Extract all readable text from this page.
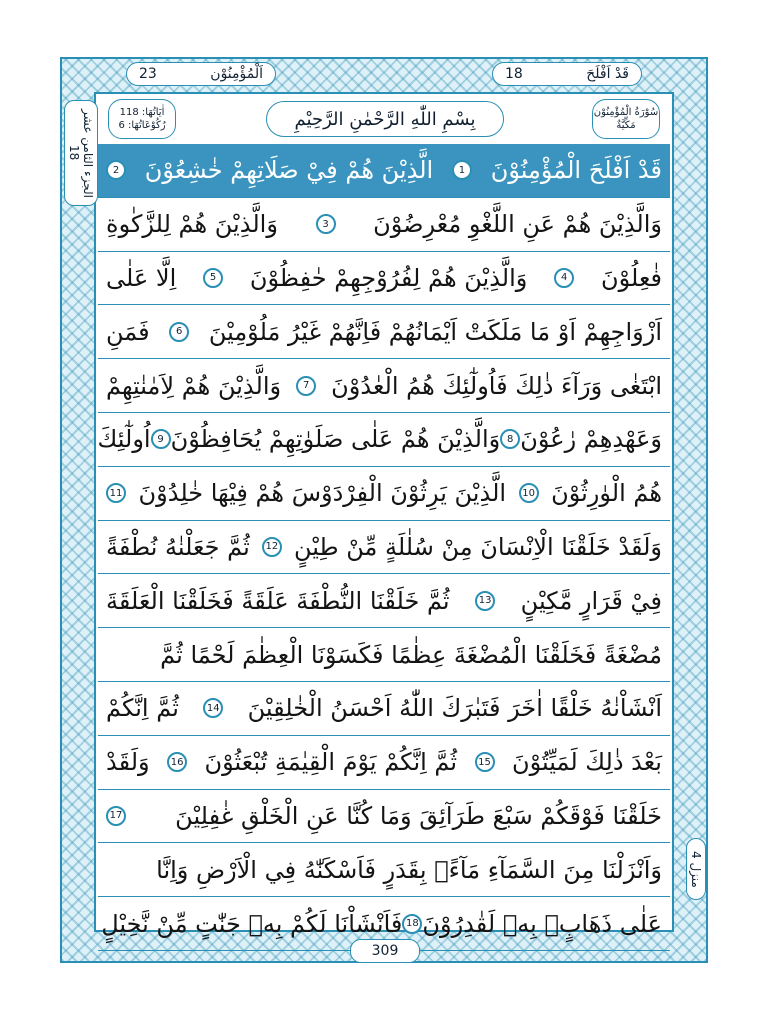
قَدْ اَفْلَحَ
18
اَلْمُؤْمِنُوْن
23
الجزء الثامن عشر 18
منزل 4
سُوْرَةُ الْمُؤْمِنُوْن
مَكِّيَّةٌ
بِسْمِ اللّٰهِ الرَّحْمٰنِ الرَّحِيْمِ
اٰيَاتُهَا: 118
رُكُوْعَاتُهَا: 6
قَدْ اَفْلَحَ الْمُؤْمِنُوْنَ
1
الَّذِيْنَ هُمْ فِيْ صَلَاتِهِمْ خٰشِعُوْنَ
2
وَالَّذِيْنَ هُمْ عَنِ اللَّغْوِ مُعْرِضُوْنَ
3
وَالَّذِيْنَ هُمْ لِلزَّكٰوةِ
فٰعِلُوْنَ
4
وَالَّذِيْنَ هُمْ لِفُرُوْجِهِمْ حٰفِظُوْنَ
5
اِلَّا عَلٰى
اَزْوَاجِهِمْ اَوْ مَا مَلَكَتْ اَيْمَانُهُمْ فَاِنَّهُمْ غَيْرُ مَلُوْمِيْنَ
6
فَمَنِ
ابْتَغٰى وَرَآءَ ذٰلِكَ فَاُولٰٓئِكَ هُمُ الْعٰدُوْنَ
7
وَالَّذِيْنَ هُمْ لِاَمٰنٰتِهِمْ
وَعَهْدِهِمْ رٰعُوْنَ
8
وَالَّذِيْنَ هُمْ عَلٰى صَلَوٰتِهِمْ يُحَافِظُوْنَ
9
اُولٰٓئِكَ
هُمُ الْوٰرِثُوْنَ
10
الَّذِيْنَ يَرِثُوْنَ الْفِرْدَوْسَ هُمْ فِيْهَا خٰلِدُوْنَ
11
وَلَقَدْ خَلَقْنَا الْاِنْسَانَ مِنْ سُلٰلَةٍ مِّنْ طِيْنٍ
12
ثُمَّ جَعَلْنٰهُ نُطْفَةً
فِيْ قَرَارٍ مَّكِيْنٍ
13
ثُمَّ خَلَقْنَا النُّطْفَةَ عَلَقَةً فَخَلَقْنَا الْعَلَقَةَ
مُضْغَةً فَخَلَقْنَا الْمُضْغَةَ عِظٰمًا فَكَسَوْنَا الْعِظٰمَ لَحْمًا ثُمَّ
اَنْشَاْنٰهُ خَلْقًا اٰخَرَ فَتَبٰرَكَ اللّٰهُ اَحْسَنُ الْخٰلِقِيْنَ
14
ثُمَّ اِنَّكُمْ
بَعْدَ ذٰلِكَ لَمَيِّتُوْنَ
15
ثُمَّ اِنَّكُمْ يَوْمَ الْقِيٰمَةِ تُبْعَثُوْنَ
16
وَلَقَدْ
خَلَقْنَا فَوْقَكُمْ سَبْعَ طَرَآئِقَ وَمَا كُنَّا عَنِ الْخَلْقِ غٰفِلِيْنَ
17
وَاَنْزَلْنَا مِنَ السَّمَآءِ مَآءًۢ بِقَدَرٍ فَاَسْكَنّٰهُ فِي الْاَرْضِ وَاِنَّا
عَلٰى ذَهَابٍۢ بِهٖ لَقٰدِرُوْنَ
18
فَاَنْشَاْنَا لَكُمْ بِهٖ جَنّٰتٍ مِّنْ نَّخِيْلٍ
309
